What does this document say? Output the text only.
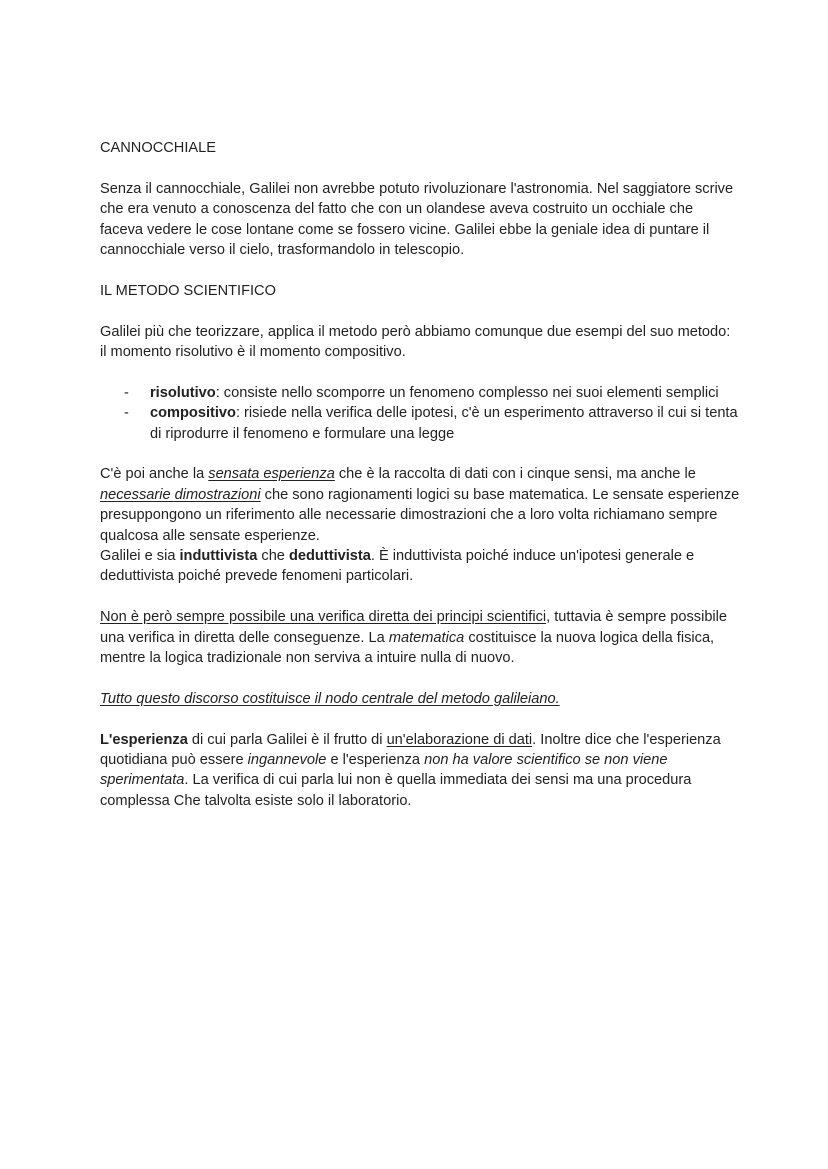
CANNOCCHIALE

Senza il cannocchiale, Galilei non avrebbe potuto rivoluzionare l'astronomia. Nel saggiatore scrive che era venuto a conoscenza del fatto che con un olandese aveva costruito un occhiale che faceva vedere le cose lontane come se fossero vicine. Galilei ebbe la geniale idea di puntare il cannocchiale verso il cielo, trasformandolo in telescopio.

IL METODO SCIENTIFICO

Galilei più che teorizzare, applica il metodo però abbiamo comunque due esempi del suo metodo: il momento risolutivo è il momento compositivo.

- risolutivo: consiste nello scomporre un fenomeno complesso nei suoi elementi semplici
- compositivo: risiede nella verifica delle ipotesi, c'è un esperimento attraverso il cui si tenta di riprodurre il fenomeno e formulare una legge

C'è poi anche la sensata esperienza che è la raccolta di dati con i cinque sensi, ma anche le necessarie dimostrazioni che sono ragionamenti logici su base matematica. Le sensate esperienze presuppongono un riferimento alle necessarie dimostrazioni che a loro volta richiamano sempre qualcosa alle sensate esperienze.

Galilei e sia induttivista che deduttivista. È induttivista poiché induce un'ipotesi generale e deduttivista poiché prevede fenomeni particolari.

Non è però sempre possibile una verifica diretta dei principi scientifici, tuttavia è sempre possibile una verifica in diretta delle conseguenze. La matematica costituisce la nuova logica della fisica, mentre la logica tradizionale non serviva a intuire nulla di nuovo.

Tutto questo discorso costituisce il nodo centrale del metodo galileiano.

L'esperienza di cui parla Galilei è il frutto di un'elaborazione di dati. Inoltre dice che l'esperienza quotidiana può essere ingannevole e l'esperienza non ha valore scientifico se non viene sperimentata. La verifica di cui parla lui non è quella immediata dei sensi ma una procedura complessa Che talvolta esiste solo il laboratorio.
